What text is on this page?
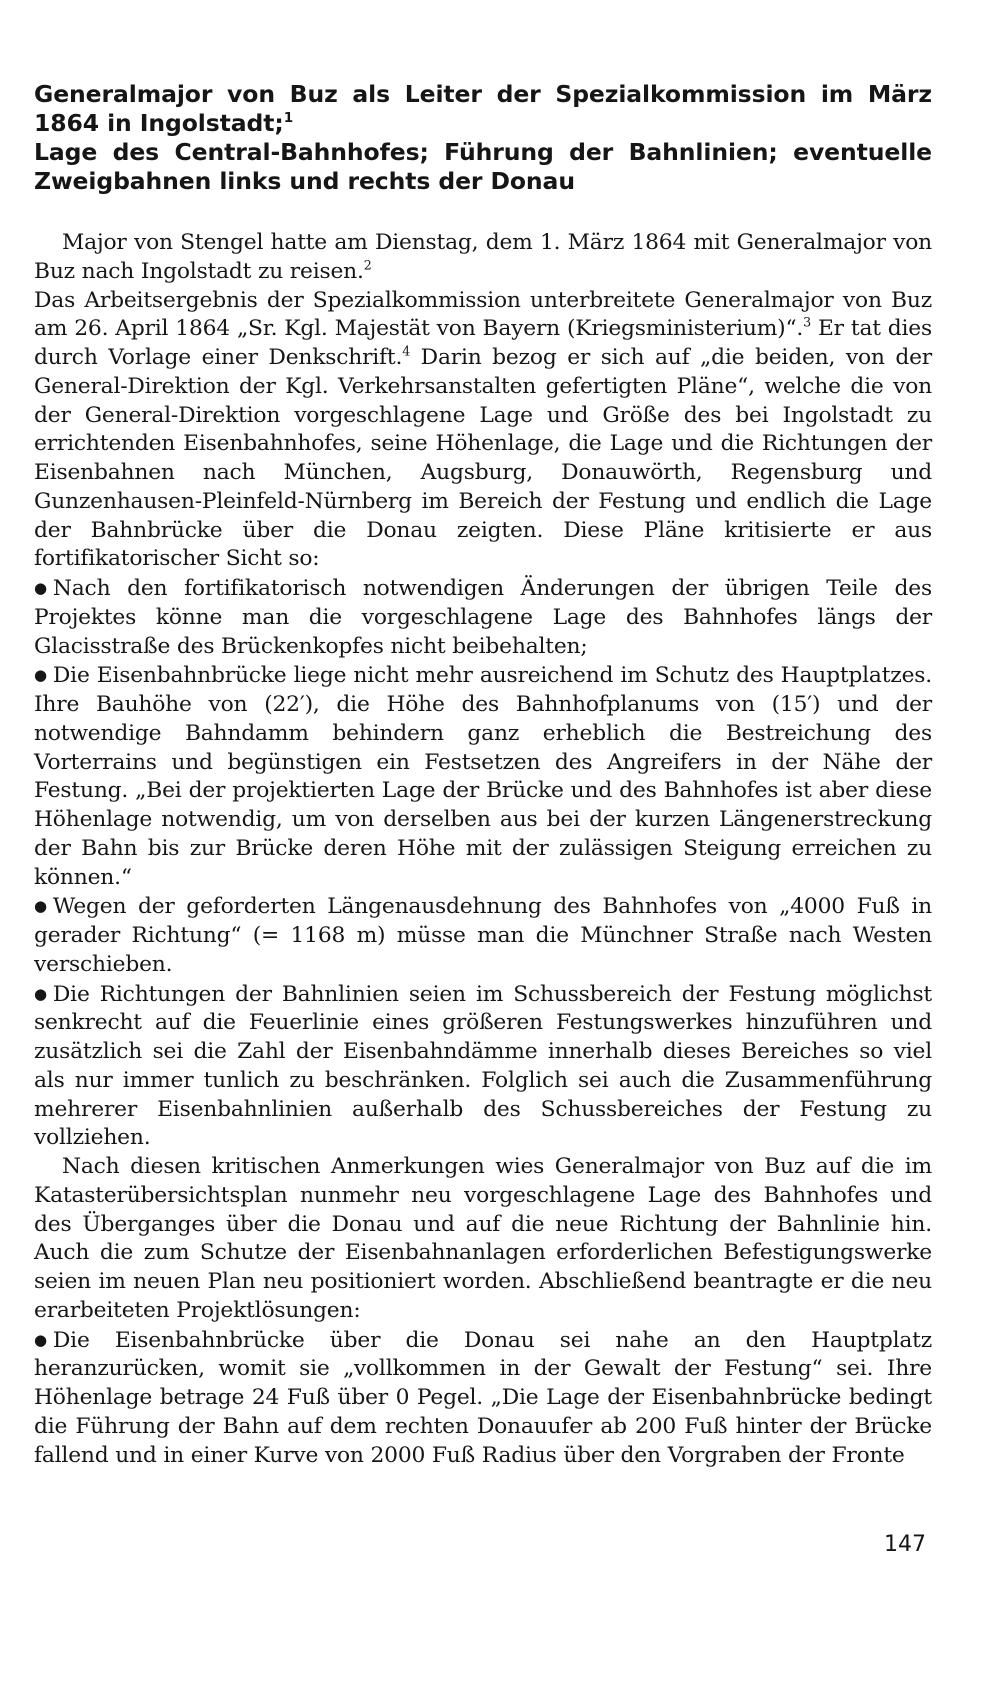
Generalmajor von Buz als Leiter der Spezialkommission im März 1864 in Ingolstadt;$^1$
Lage des Central-Bahnhofes; Führung der Bahnlinien; eventuelle Zweigbahnen links und rechts der Donau

Major von Stengel hatte am Dienstag, dem 1. März 1864 mit Generalmajor von Buz nach Ingolstadt zu reisen.$^2$

Das Arbeitsergebnis der Spezialkommission unterbreitete Generalmajor von Buz am 26. April 1864 „Sr. Kgl. Majestät von Bayern (Kriegsministerium)“.$^3$ Er tat dies durch Vorlage einer Denkschrift.$^4$ Darin bezog er sich auf „die beiden, von der General-Direktion der Kgl. Verkehrsanstalten gefertigten Pläne“, welche die von der General-Direktion vorgeschlagene Lage und Größe des bei Ingolstadt zu errichtenden Eisenbahnhofes, seine Höhenlage, die Lage und die Richtungen der Eisenbahnen nach München, Augsburg, Donauwörth, Regensburg und Gunzenhausen-Pleinfeld-Nürnberg im Bereich der Festung und endlich die Lage der Bahnbrücke über die Donau zeigten. Diese Pläne kritisierte er aus fortifikatorischer Sicht so:

● Nach den fortifikatorisch notwendigen Änderungen der übrigen Teile des Projektes könne man die vorgeschlagene Lage des Bahnhofes längs der Glacisstraße des Brückenkopfes nicht beibehalten;

● Die Eisenbahnbrücke liege nicht mehr ausreichend im Schutz des Hauptplatzes. Ihre Bauhöhe von (22′), die Höhe des Bahnhofplanums von (15′) und der notwendige Bahndamm behindern ganz erheblich die Bestreichung des Vorterrains und begünstigen ein Festsetzen des Angreifers in der Nähe der Festung. „Bei der projektierten Lage der Brücke und des Bahnhofes ist aber diese Höhenlage notwendig, um von derselben aus bei der kurzen Längenerstreckung der Bahn bis zur Brücke deren Höhe mit der zulässigen Steigung erreichen zu können.“

● Wegen der geforderten Längenausdehnung des Bahnhofes von „4000 Fuß in gerader Richtung“ (= 1168 m) müsse man die Münchner Straße nach Westen verschieben.

● Die Richtungen der Bahnlinien seien im Schussbereich der Festung möglichst senkrecht auf die Feuerlinie eines größeren Festungswerkes hinzuführen und zusätzlich sei die Zahl der Eisenbahndämme innerhalb dieses Bereiches so viel als nur immer tunlich zu beschränken. Folglich sei auch die Zusammenführung mehrerer Eisenbahnlinien außerhalb des Schussbereiches der Festung zu vollziehen.

Nach diesen kritischen Anmerkungen wies Generalmajor von Buz auf die im Katasterübersichtsplan nunmehr neu vorgeschlagene Lage des Bahnhofes und des Überganges über die Donau und auf die neue Richtung der Bahnlinie hin. Auch die zum Schutze der Eisenbahnanlagen erforderlichen Befestigungswerke seien im neuen Plan neu positioniert worden. Abschließend beantragte er die neu erarbeiteten Projektlösungen:

● Die Eisenbahnbrücke über die Donau sei nahe an den Hauptplatz heranzurücken, womit sie „vollkommen in der Gewalt der Festung“ sei. Ihre Höhenlage betrage 24 Fuß über 0 Pegel. „Die Lage der Eisenbahnbrücke bedingt die Führung der Bahn auf dem rechten Donauufer ab 200 Fuß hinter der Brücke fallend und in einer Kurve von 2000 Fuß Radius über den Vorgraben der Fronte

147
